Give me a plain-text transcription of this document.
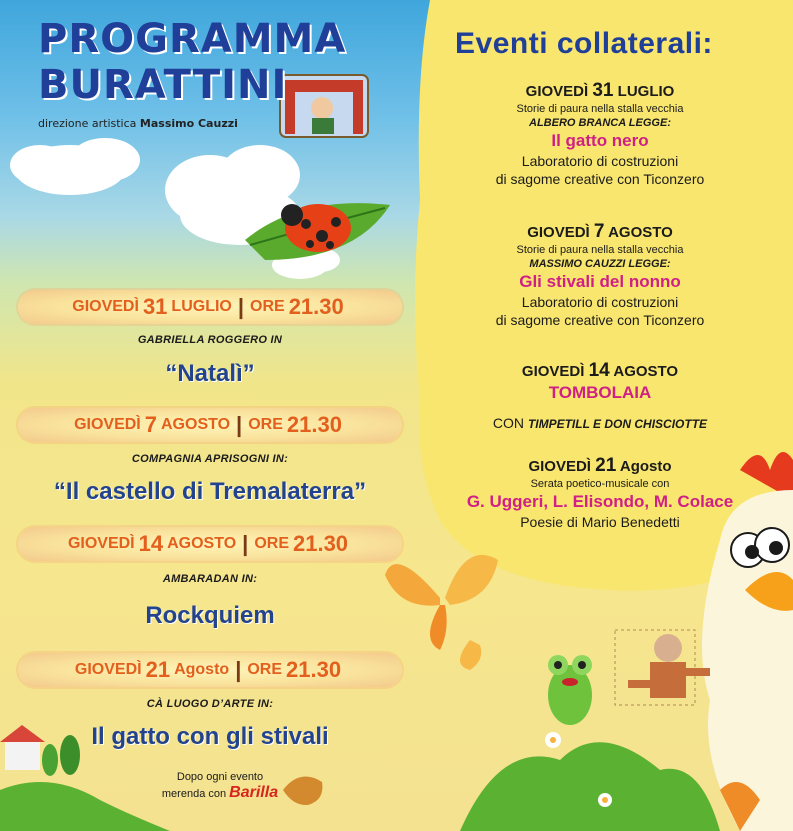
PROGRAMMA
BURATTINI
direzione artistica Massimo Cauzzi
GIOVEDÌ 31 LUGLIO | ORE 21.30
GABRIELLA ROGGERO IN
“Natalì”
GIOVEDÌ 7 AGOSTO | ORE 21.30
COMPAGNIA APRISOGNI IN:
“Il castello di Tremalaterra”
GIOVEDÌ 14 AGOSTO | ORE 21.30
AMBARADAN IN:
Rockquiem
GIOVEDÌ 21 Agosto | ORE 21.30
CÀ LUOGO D’ARTE IN:
Il gatto con gli stivali
Dopo ogni evento
merenda con Barilla
Eventi collaterali:
GIOVEDÌ 31 LUGLIO
Storie di paura nella stalla vecchia
ALBERO BRANCA LEGGE:
Il gatto nero
Laboratorio di costruzioni
di sagome creative con Ticonzero
GIOVEDÌ 7 AGOSTO
Storie di paura nella stalla vecchia
MASSIMO CAUZZI LEGGE:
Gli stivali del nonno
Laboratorio di costruzioni
di sagome creative con Ticonzero
GIOVEDÌ 14 AGOSTO
TOMBOLAIA
CON TIMPETILL E DON CHISCIOTTE
GIOVEDÌ 21 Agosto
Serata poetico-musicale con
G. Uggeri, L. Elisondo, M. Colace
Poesie di Mario Benedetti
